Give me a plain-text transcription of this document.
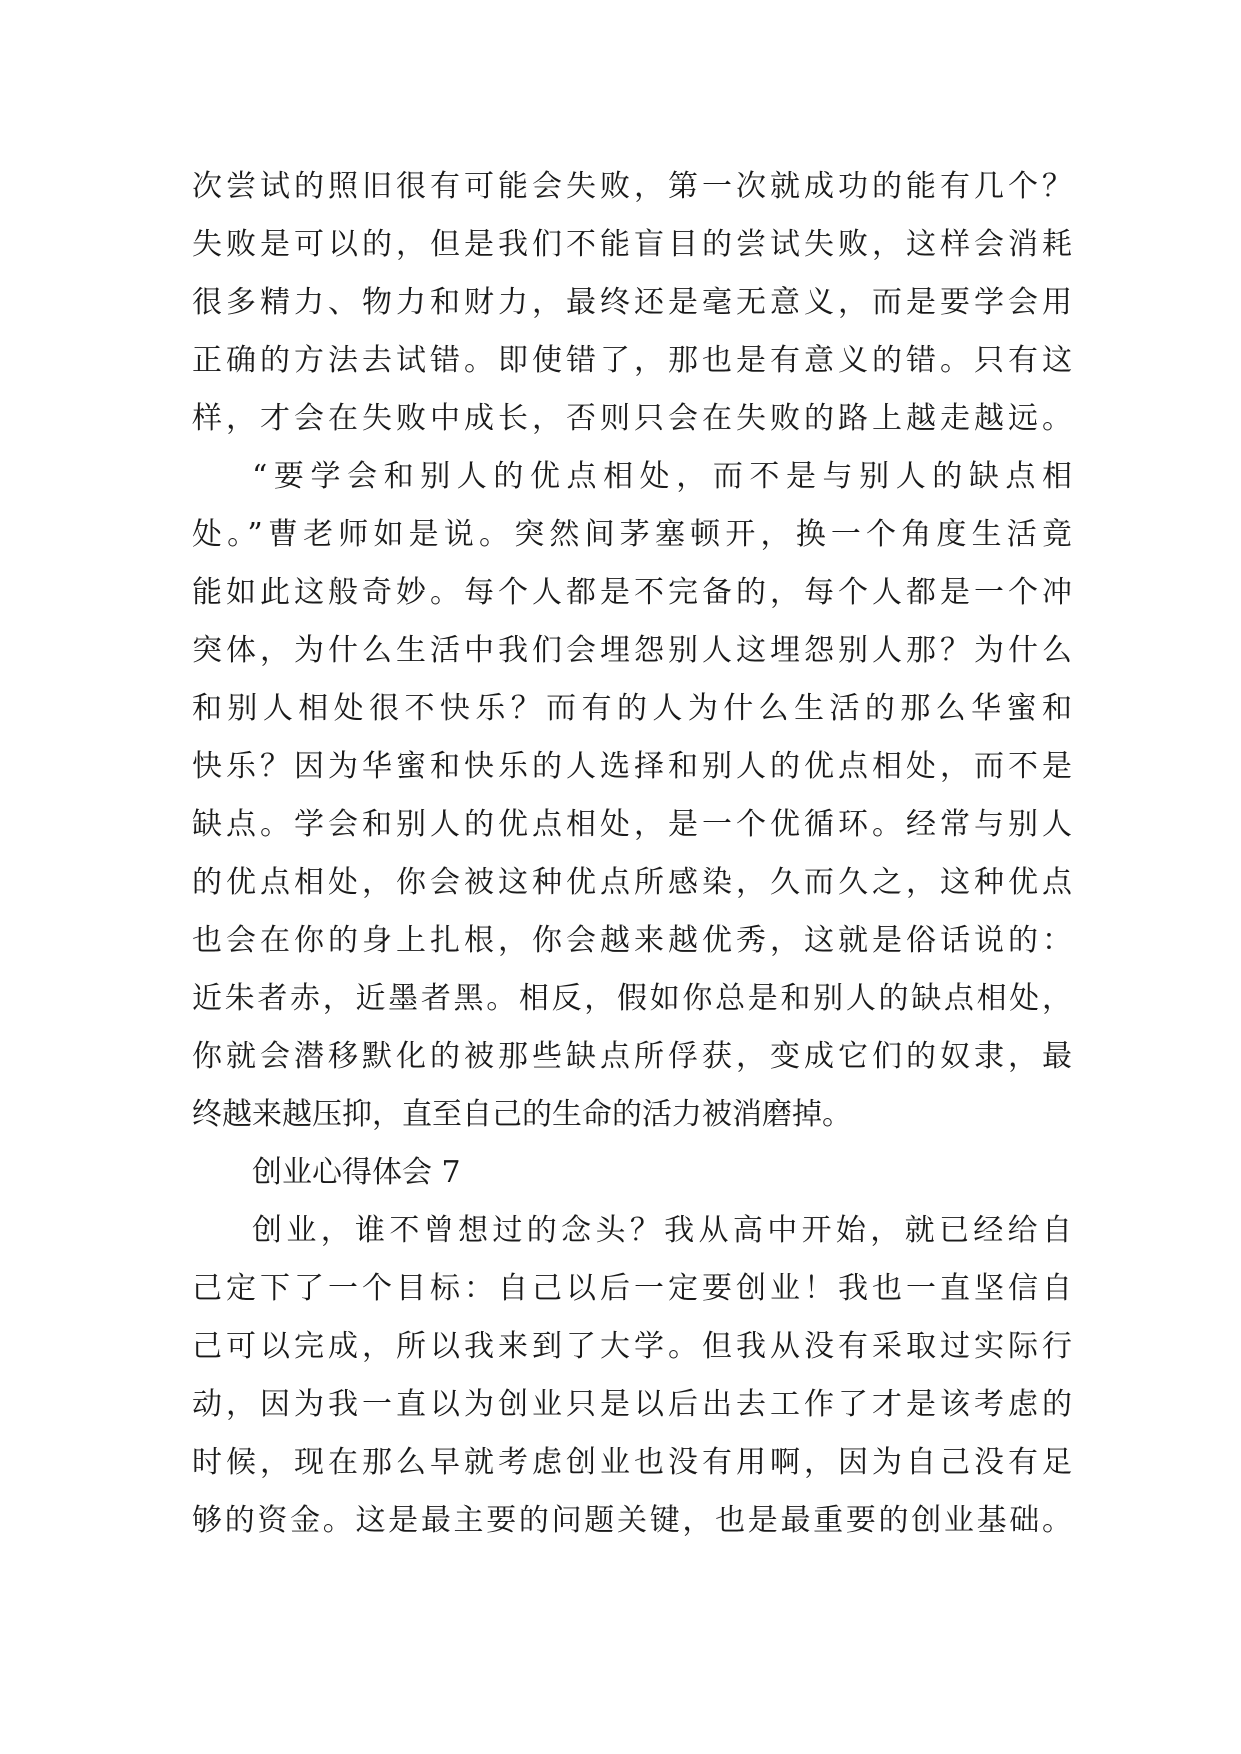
次尝试的照旧很有可能会失败，第一次就成功的能有几个？
失败是可以的，但是我们不能盲目的尝试失败，这样会消耗
很多精力、物力和财力，最终还是毫无意义，而是要学会用
正确的方法去试错。即使错了，那也是有意义的错。只有这
样，才会在失败中成长，否则只会在失败的路上越走越远。
“要学会和别人的优点相处，而不是与别人的缺点相
处。”曹老师如是说。突然间茅塞顿开，换一个角度生活竟
能如此这般奇妙。每个人都是不完备的，每个人都是一个冲
突体，为什么生活中我们会埋怨别人这埋怨别人那？为什么
和别人相处很不快乐？而有的人为什么生活的那么华蜜和
快乐？因为华蜜和快乐的人选择和别人的优点相处，而不是
缺点。学会和别人的优点相处，是一个优循环。经常与别人
的优点相处，你会被这种优点所感染，久而久之，这种优点
也会在你的身上扎根，你会越来越优秀，这就是俗话说的：
近朱者赤，近墨者黑。相反，假如你总是和别人的缺点相处，
你就会潜移默化的被那些缺点所俘获，变成它们的奴隶，最
终越来越压抑，直至自己的生命的活力被消磨掉。
创业心得体会 7
创业，谁不曾想过的念头？我从高中开始，就已经给自
己定下了一个目标：自己以后一定要创业！我也一直坚信自
己可以完成，所以我来到了大学。但我从没有采取过实际行
动，因为我一直以为创业只是以后出去工作了才是该考虑的
时候，现在那么早就考虑创业也没有用啊，因为自己没有足
够的资金。这是最主要的问题关键，也是最重要的创业基础。
